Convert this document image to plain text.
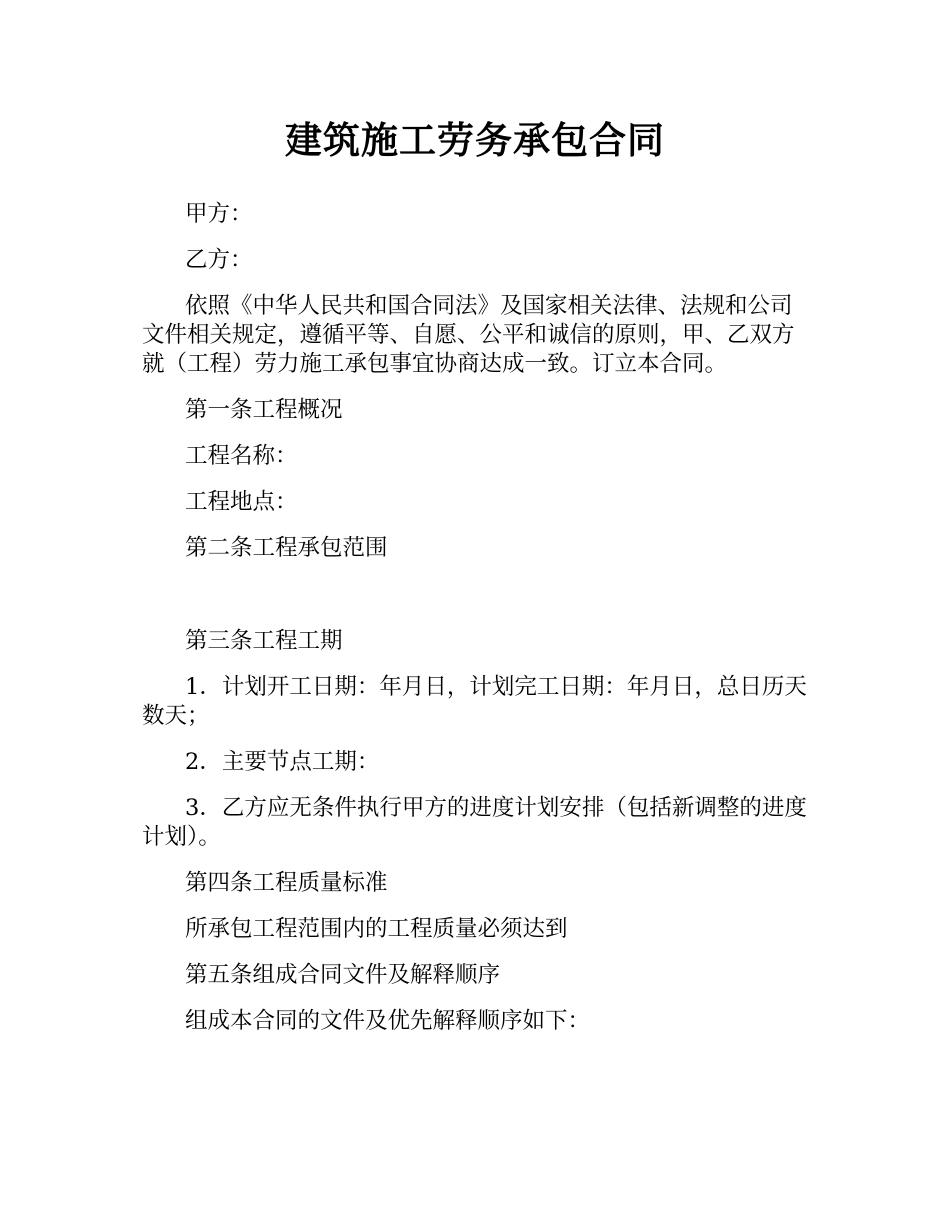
建筑施工劳务承包合同

甲方：

乙方：

依照《中华人民共和国合同法》及国家相关法律、法规和公司文件相关规定，遵循平等、自愿、公平和诚信的原则，甲、乙双方就（工程）劳力施工承包事宜协商达成一致。订立本合同。

第一条工程概况

工程名称：

工程地点：

第二条工程承包范围

第三条工程工期

1．计划开工日期：年月日，计划完工日期：年月日，总日历天数天；

2．主要节点工期：

3．乙方应无条件执行甲方的进度计划安排（包括新调整的进度计划）。

第四条工程质量标准

所承包工程范围内的工程质量必须达到

第五条组成合同文件及解释顺序

组成本合同的文件及优先解释顺序如下：
